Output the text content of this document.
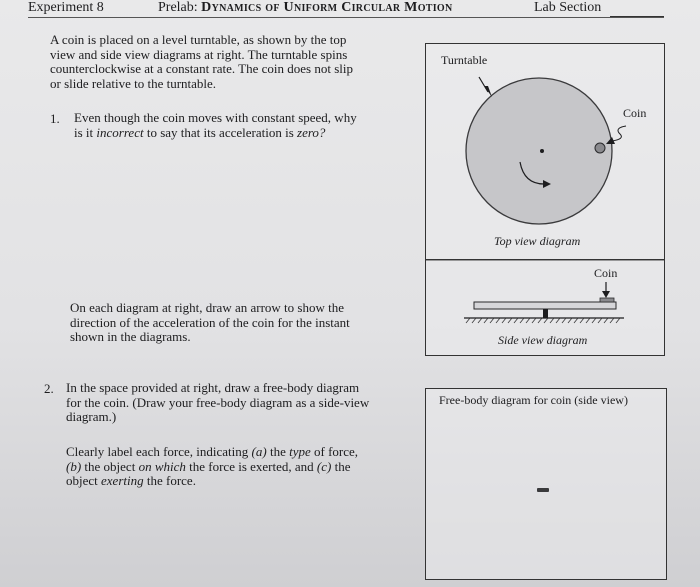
Experiment 8	Prelab: Dynamics of Uniform Circular Motion	Lab Section
A coin is placed on a level turntable, as shown by the top
view and side view diagrams at right. The turntable spins
counterclockwise at a constant rate. The coin does not slip
or slide relative to the turntable.
1. Even though the coin moves with constant speed, why
is it incorrect to say that its acceleration is zero?
On each diagram at right, draw an arrow to show the
direction of the acceleration of the coin for the instant
shown in the diagrams.
2. In the space provided at right, draw a free-body diagram
for the coin. (Draw your free-body diagram as a side-view
diagram.)
Clearly label each force, indicating (a) the type of force,
(b) the object on which the force is exerted, and (c) the
object exerting the force.
Turntable
Coin
Top view diagram
Coin
Side view diagram
Free-body diagram for coin (side view)
